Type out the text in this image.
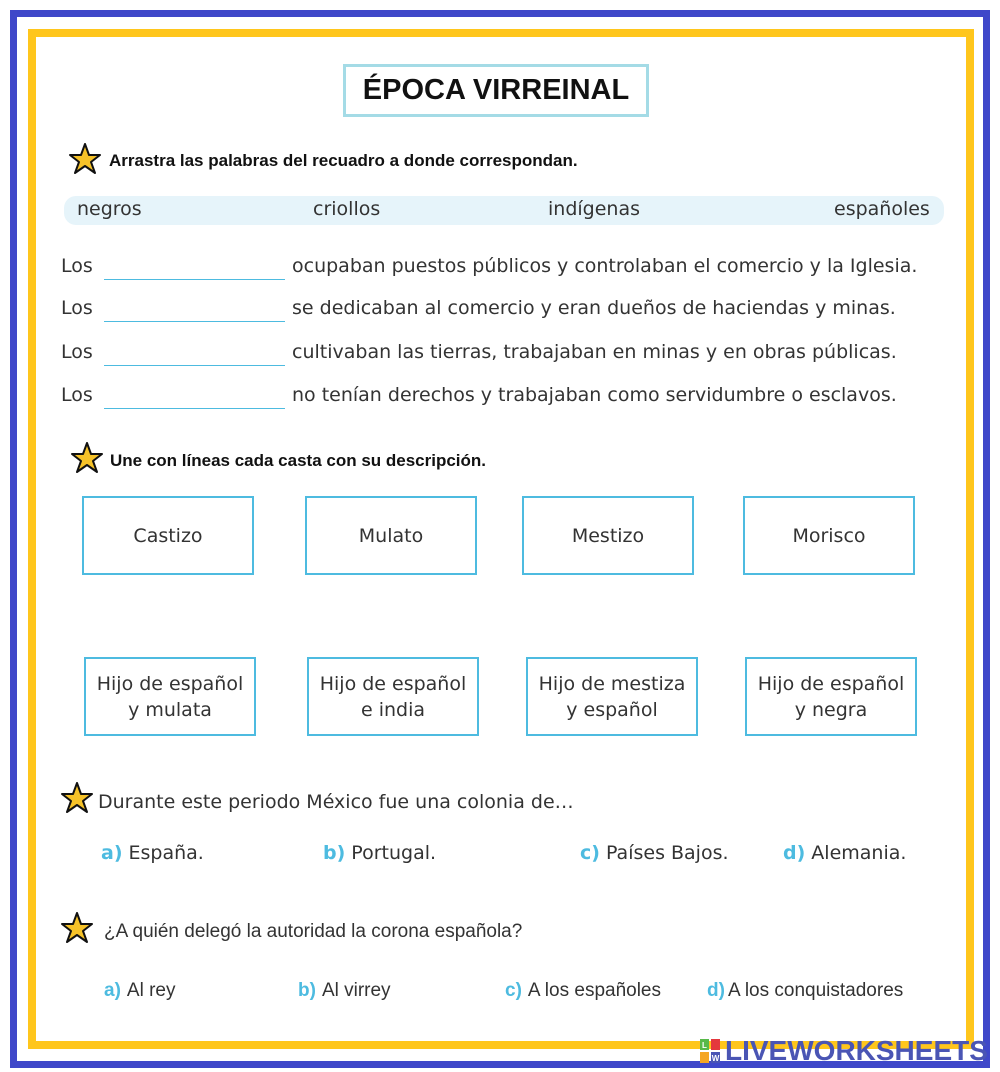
ÉPOCA VIRREINAL
Arrastra las palabras del recuadro a donde correspondan.
negros	criollos	indígenas	españoles
Los	ocupaban puestos públicos y controlaban el comercio y la Iglesia.
Los	se dedicaban al comercio y eran dueños de haciendas y minas.
Los	cultivaban las tierras, trabajaban en minas y en obras públicas.
Los	no tenían derechos y trabajaban como servidumbre o esclavos.
Une con líneas cada casta con su descripción.
Castizo	Mulato	Mestizo	Morisco
Hijo de español
y mulata
Hijo de español
e india
Hijo de mestiza
y español
Hijo de español
y negra
Durante este periodo México fue una colonia de…
a) España.	b) Portugal.	c) Países Bajos.	d) Alemania.
¿A quién delegó la autoridad la corona española?
a) Al rey	b) Al virrey	c) A los españoles d) A los conquistadores
L
W LIVEWORKSHEETS
